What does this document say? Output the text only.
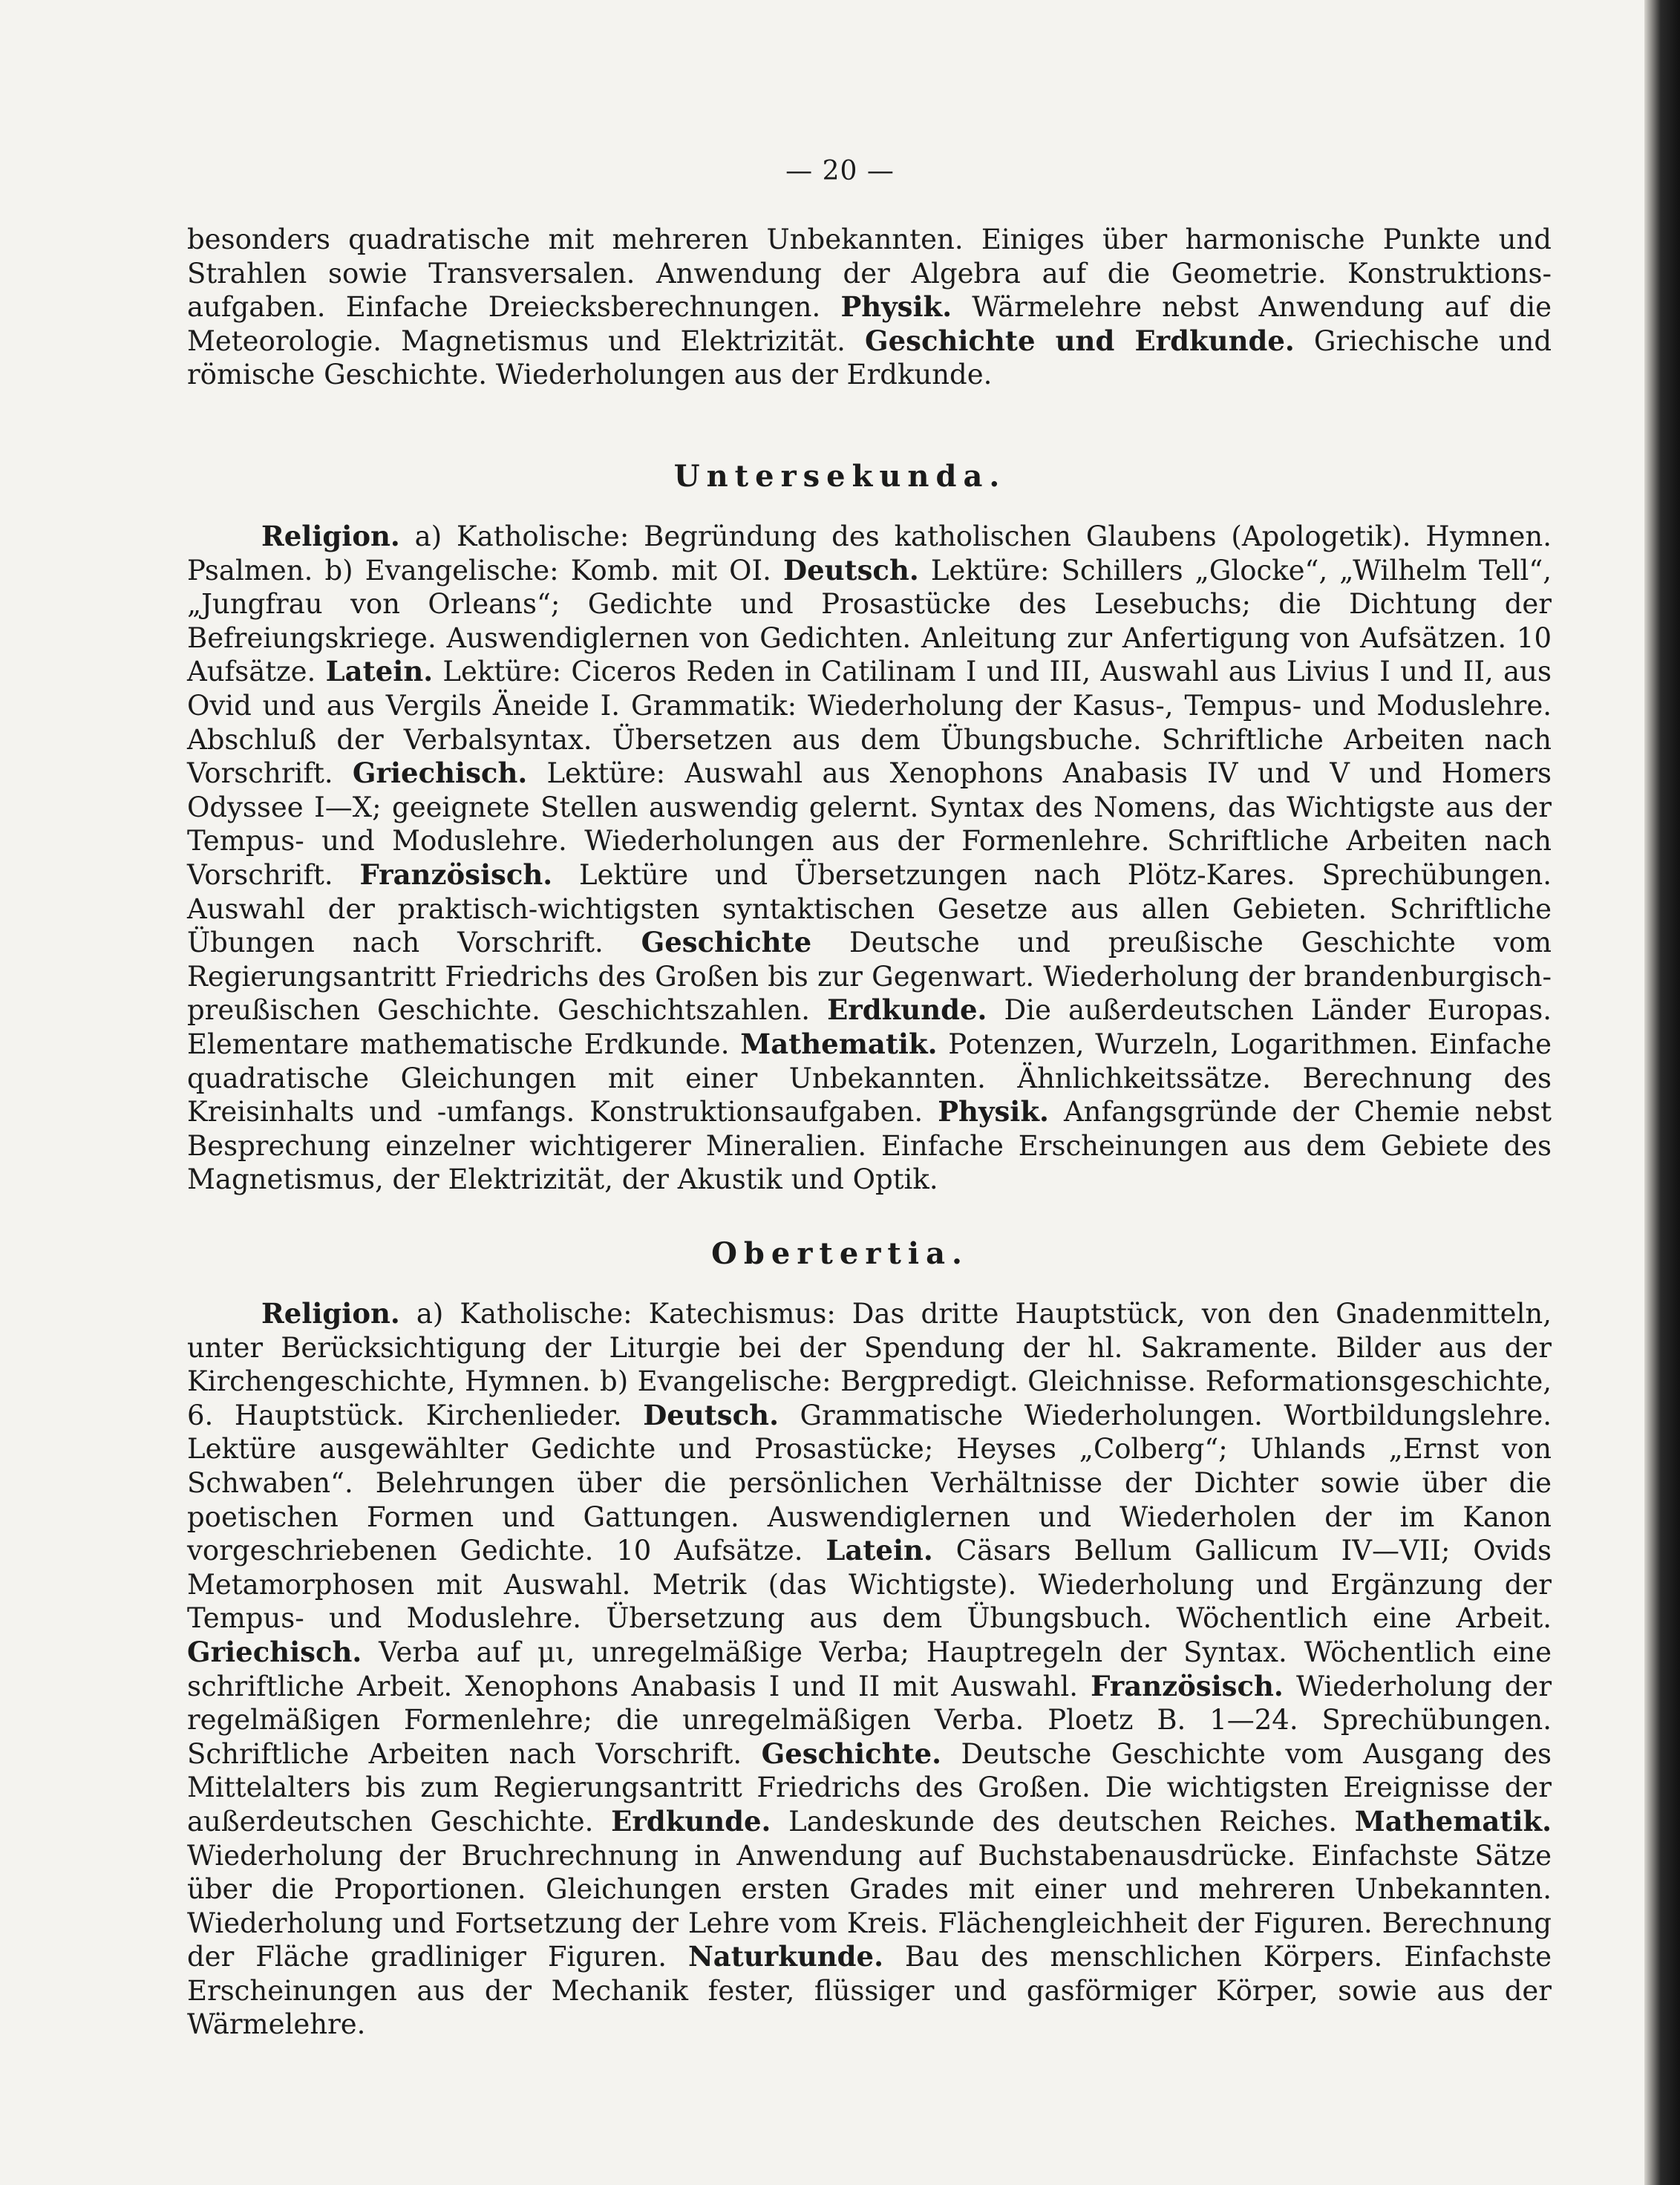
— 20 —

besonders quadratische mit mehreren Unbekannten. Einiges über harmonische Punkte und Strahlen sowie Transversalen. Anwendung der Algebra auf die Geometrie. Konstruktions-aufgaben. Einfache Dreiecksberechnungen. Physik. Wärmelehre nebst Anwendung auf die Meteorologie. Magnetismus und Elektrizität. Geschichte und Erdkunde. Griechische und römische Geschichte. Wiederholungen aus der Erdkunde.

Untersekunda.

Religion. a) Katholische: Begründung des katholischen Glaubens (Apologetik). Hymnen. Psalmen. b) Evangelische: Komb. mit OI. Deutsch. Lektüre: Schillers „Glocke“, „Wilhelm Tell“, „Jungfrau von Orleans“; Gedichte und Prosastücke des Lesebuchs; die Dichtung der Befreiungskriege. Auswendiglernen von Gedichten. Anleitung zur Anfertigung von Aufsätzen. 10 Aufsätze. Latein. Lektüre: Ciceros Reden in Catilinam I und III, Auswahl aus Livius I und II, aus Ovid und aus Vergils Äneide I. Grammatik: Wiederholung der Kasus-, Tempus- und Moduslehre. Abschluß der Verbalsyntax. Übersetzen aus dem Übungsbuche. Schriftliche Arbeiten nach Vorschrift. Griechisch. Lektüre: Auswahl aus Xenophons Anabasis IV und V und Homers Odyssee I—X; geeignete Stellen auswendig gelernt. Syntax des Nomens, das Wichtigste aus der Tempus- und Moduslehre. Wiederholungen aus der Formenlehre. Schriftliche Arbeiten nach Vorschrift. Französisch. Lektüre und Übersetzungen nach Plötz-Kares. Sprechübungen. Auswahl der praktisch-wichtigsten syntaktischen Gesetze aus allen Gebieten. Schriftliche Übungen nach Vorschrift. Geschichte Deutsche und preußische Geschichte vom Regierungsantritt Friedrichs des Großen bis zur Gegenwart. Wiederholung der brandenburgisch-preußischen Geschichte. Geschichtszahlen. Erdkunde. Die außerdeutschen Länder Europas. Elementare mathematische Erdkunde. Mathematik. Potenzen, Wurzeln, Logarithmen. Einfache quadratische Gleichungen mit einer Unbekannten. Ähnlichkeitssätze. Berechnung des Kreisinhalts und -umfangs. Konstruktionsaufgaben. Physik. Anfangsgründe der Chemie nebst Besprechung einzelner wichtigerer Mineralien. Einfache Erscheinungen aus dem Gebiete des Magnetismus, der Elektrizität, der Akustik und Optik.

Obertertia.

Religion. a) Katholische: Katechismus: Das dritte Hauptstück, von den Gnadenmitteln, unter Berücksichtigung der Liturgie bei der Spendung der hl. Sakramente. Bilder aus der Kirchengeschichte, Hymnen. b) Evangelische: Bergpredigt. Gleichnisse. Reformationsgeschichte, 6. Hauptstück. Kirchenlieder. Deutsch. Grammatische Wiederholungen. Wortbildungslehre. Lektüre ausgewählter Gedichte und Prosastücke; Heyses „Colberg“; Uhlands „Ernst von Schwaben“. Belehrungen über die persönlichen Verhältnisse der Dichter sowie über die poetischen Formen und Gattungen. Auswendiglernen und Wiederholen der im Kanon vorgeschriebenen Gedichte. 10 Aufsätze. Latein. Cäsars Bellum Gallicum IV—VII; Ovids Metamorphosen mit Auswahl. Metrik (das Wichtigste). Wiederholung und Ergänzung der Tempus- und Moduslehre. Übersetzung aus dem Übungsbuch. Wöchentlich eine Arbeit. Griechisch. Verba auf μι, unregelmäßige Verba; Hauptregeln der Syntax. Wöchentlich eine schriftliche Arbeit. Xenophons Anabasis I und II mit Auswahl. Französisch. Wiederholung der regelmäßigen Formenlehre; die unregelmäßigen Verba. Ploetz B. 1—24. Sprechübungen. Schriftliche Arbeiten nach Vorschrift. Geschichte. Deutsche Geschichte vom Ausgang des Mittelalters bis zum Regierungsantritt Friedrichs des Großen. Die wichtigsten Ereignisse der außerdeutschen Geschichte. Erdkunde. Landeskunde des deutschen Reiches. Mathematik. Wiederholung der Bruchrechnung in Anwendung auf Buchstabenausdrücke. Einfachste Sätze über die Proportionen. Gleichungen ersten Grades mit einer und mehreren Unbekannten. Wiederholung und Fortsetzung der Lehre vom Kreis. Flächengleichheit der Figuren. Berechnung der Fläche gradliniger Figuren. Naturkunde. Bau des menschlichen Körpers. Einfachste Erscheinungen aus der Mechanik fester, flüssiger und gasförmiger Körper, sowie aus der Wärmelehre.
